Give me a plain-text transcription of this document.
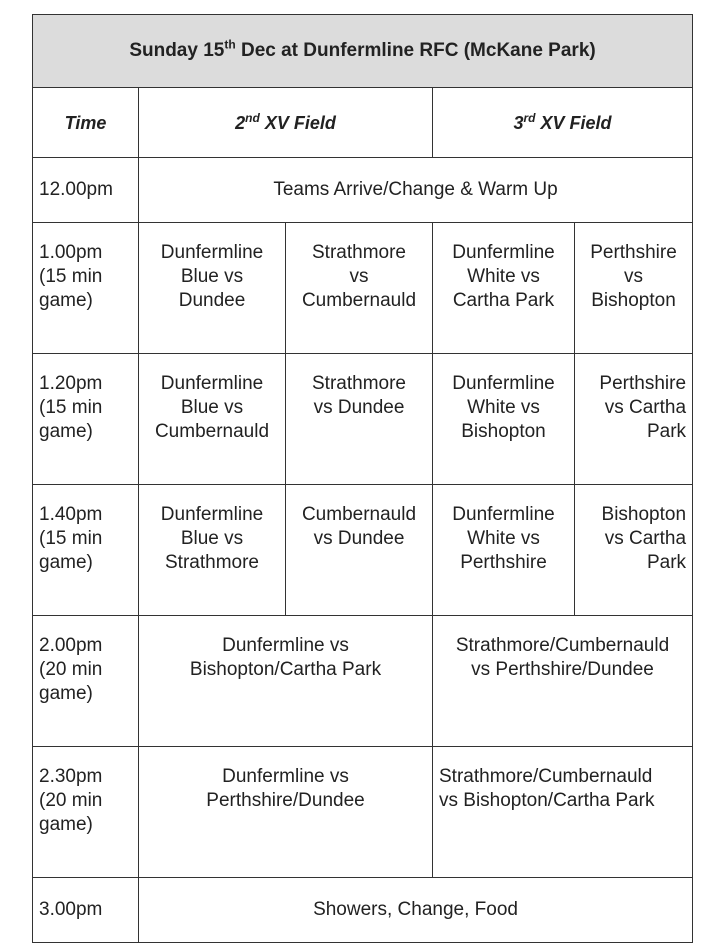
Sunday 15th Dec at Dunfermline RFC (McKane Park)				
Time	2nd XV Field		3rd XV Field	
12.00pm	Teams Arrive/Change & Warm Up			

1.00pm
(15 min
game)	Dunfermline
Blue vs
Dundee	Strathmore
vs
Cumbernauld	Dunfermline
White vs
Cartha Park	Perthshire
vs
Bishopton

1.20pm
(15 min
game)	Dunfermline
Blue vs
Cumbernauld	Strathmore
vs Dundee	Dunfermline
White vs
Bishopton	Perthshire
vs Cartha
Park

1.40pm
(15 min
game)	Dunfermline
Blue vs
Strathmore	Cumbernauld
vs Dundee	Dunfermline
White vs
Perthshire	Bishopton
vs Cartha
Park

2.00pm
(20 min
game)	Dunfermline vs
Bishopton/Cartha Park		Strathmore/Cumbernauld
vs Perthshire/Dundee	

2.30pm
(20 min
game)	Dunfermline vs
Perthshire/Dundee		Strathmore/Cumbernauld
vs Bishopton/Cartha Park	

3.00pm	Showers, Change, Food			
